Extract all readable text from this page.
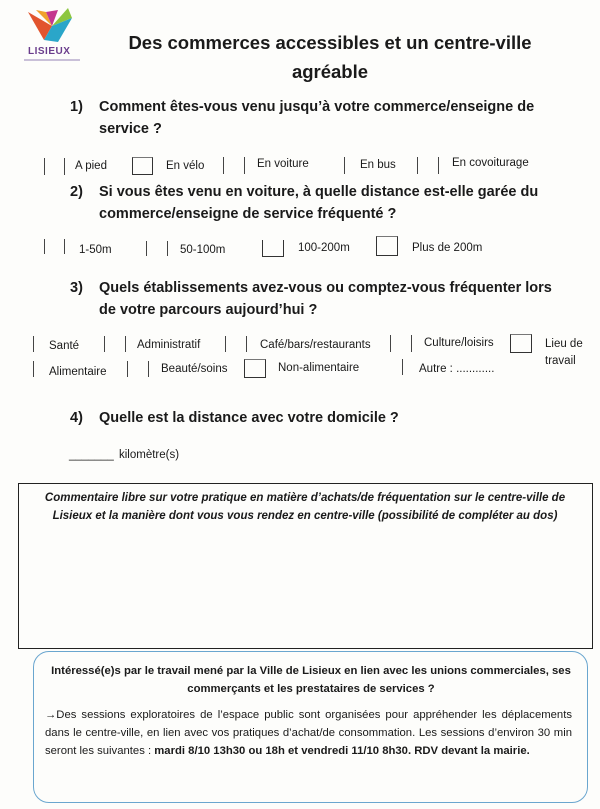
LISIEUX	Des commerces accessibles et un centre-ville agréable
1) Comment êtes-vous venu jusqu’à votre commerce/enseigne de service ?
A pied	En vélo	En voiture	En bus	En covoiturage
2) Si vous êtes venu en voiture, à quelle distance est-elle garée du commerce/enseigne de service fréquenté ?
1-50m	50-100m	100-200m	Plus de 200m
3) Quels établissements avez-vous ou comptez-vous fréquenter lors de votre parcours aujourd’hui ?
Santé	Administratif	Café/bars/restaurants	Culture/loisirs	Lieu de travail
Alimentaire	Beauté/soins	Non-alimentaire	Autre : ............
4) Quelle est la distance avec votre domicile ?
_______ kilomètre(s)
Commentaire libre sur votre pratique en matière d’achats/de fréquentation sur le centre-ville de Lisieux et la manière dont vous vous rendez en centre-ville (possibilité de compléter au dos)
Intéressé(e)s par le travail mené par la Ville de Lisieux en lien avec les unions commerciales, ses commerçants et les prestataires de services ?
→Des sessions exploratoires de l’espace public sont organisées pour appréhender les déplacements dans le centre-ville, en lien avec vos pratiques d’achat/de consommation. Les sessions d’environ 30 min seront les suivantes : mardi 8/10 13h30 ou 18h et vendredi 11/10 8h30. RDV devant la mairie.
